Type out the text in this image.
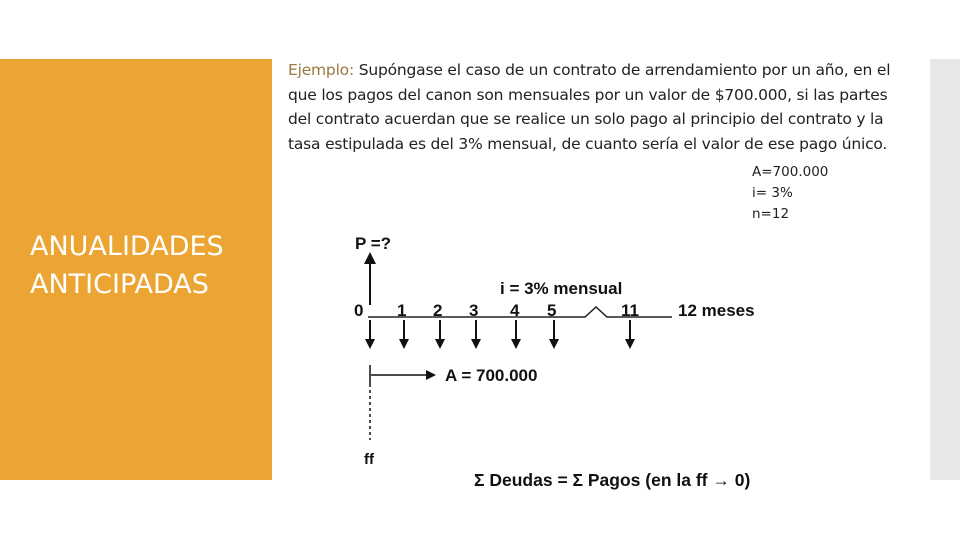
ANUALIDADES
ANTICIPADAS
Ejemplo: Supóngase el caso de un contrato de arrendamiento por un año, en el que los pagos del canon son mensuales por un valor de $700.000, si las partes del contrato acuerdan que se realice un solo pago al principio del contrato y la tasa estipulada es del 3% mensual, de cuanto sería el valor de ese pago único.
A=700.000
i= 3%
n=12
P =?
i = 3% mensual
0 1 2 3 4 5	11 12 meses
A = 700.000
ff
Σ Deudas = Σ Pagos (en la ff → 0)
